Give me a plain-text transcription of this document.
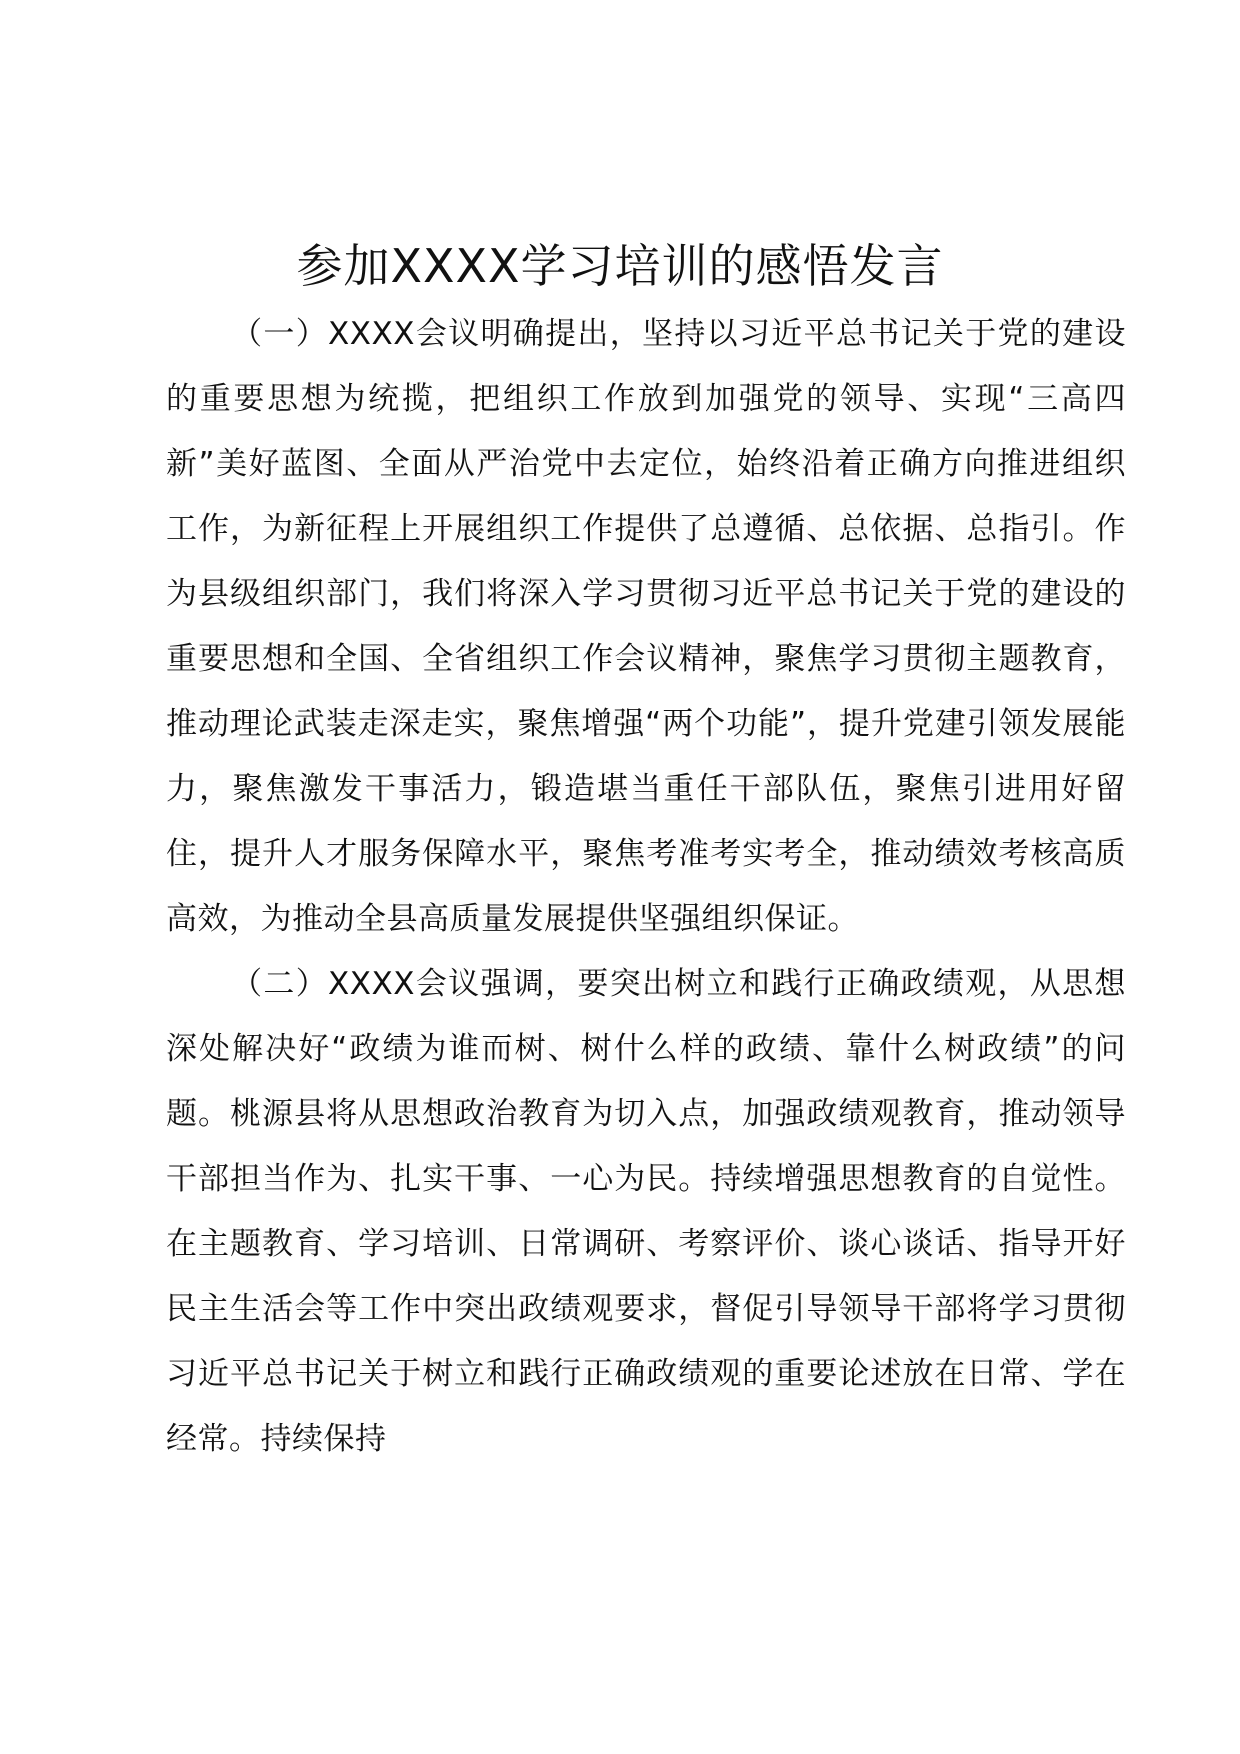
参加XXXX学习培训的感悟发言

（一）XXXX会议明确提出，坚持以习近平总书记关于党的建设的重要思想为统揽，把组织工作放到加强党的领导、实现“三高四新”美好蓝图、全面从严治党中去定位，始终沿着正确方向推进组织工作，为新征程上开展组织工作提供了总遵循、总依据、总指引。作为县级组织部门，我们将深入学习贯彻习近平总书记关于党的建设的重要思想和全国、全省组织工作会议精神，聚焦学习贯彻主题教育，推动理论武装走深走实，聚焦增强“两个功能”，提升党建引领发展能力，聚焦激发干事活力，锻造堪当重任干部队伍，聚焦引进用好留住，提升人才服务保障水平，聚焦考准考实考全，推动绩效考核高质高效，为推动全县高质量发展提供坚强组织保证。

（二）XXXX会议强调，要突出树立和践行正确政绩观，从思想深处解决好“政绩为谁而树、树什么样的政绩、靠什么树政绩”的问题。桃源县将从思想政治教育为切入点，加强政绩观教育，推动领导干部担当作为、扎实干事、一心为民。持续增强思想教育的自觉性。在主题教育、学习培训、日常调研、考察评价、谈心谈话、指导开好民主生活会等工作中突出政绩观要求，督促引导领导干部将学习贯彻习近平总书记关于树立和践行正确政绩观的重要论述放在日常、学在经常。持续保持
